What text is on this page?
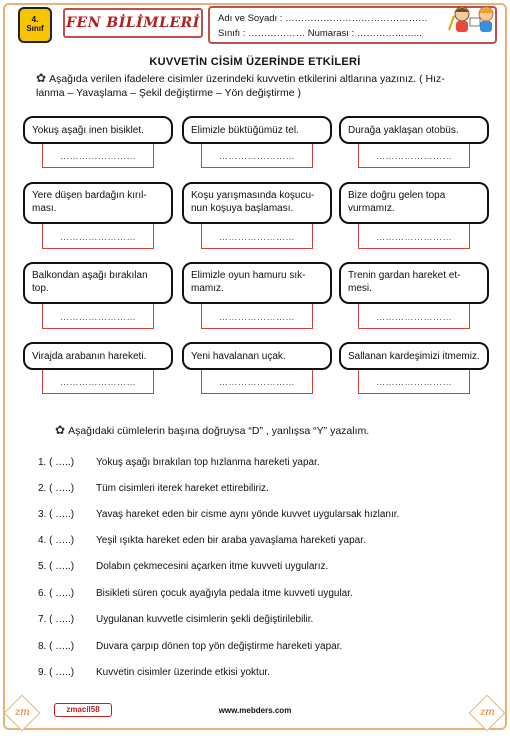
4.
Sınıf FEN BİLİMLERİ Adı ve Soyadı : ………………………………………
Sınıfı : ……………… Numarası : ………………...
KUVVETİN CİSİM ÜZERİNDE ETKİLERİ
✿ Aşağıda verilen ifadelere cisimler üzerindeki kuvvetin etkilerini altlarına yazınız. ( Hız-
lanma – Yavaşlama – Şekil değiştirme – Yön değiştirme )
Yokuş aşağı inen bisiklet.
……………………
Elimizle büktüğümüz tel.
……………………
Durağa yaklaşan otobüs.
……………………
Yere düşen bardağın kırıl-
ması.
……………………
Koşu yarışmasında koşucu-
nun koşuya başlaması.
……………………
Bize doğru gelen topa
vurmamız.
……………………
Balkondan aşağı bırakılan
top.
……………………
Elimizle oyun hamuru sık-
mamız.
……………………
Trenin gardan hareket et-
mesi.
……………………
Virajda arabanın hareketi.
……………………
Yeni havalanan uçak.
……………………
Sallanan kardeşimizi itmemiz.
……………………
✿ Aşağıdaki cümlelerin başına doğruysa “D” , yanlışsa “Y” yazalım.
1. ( …..) Yokuş aşağı bırakılan top hızlanma hareketi yapar.
2. ( …..) Tüm cisimleri iterek hareket ettirebiliriz.
3. ( …..) Yavaş hareket eden bir cisme aynı yönde kuvvet uygularsak hızlanır.
4. ( …..) Yeşil ışıkta hareket eden bir araba yavaşlama hareketi yapar.
5. ( …..) Dolabın çekmecesini açarken itme kuvveti uygularız.
6. ( …..) Bisikleti süren çocuk ayağıyla pedala itme kuvveti uygular.
7. ( …..) Uygulanan kuvvetle cisimlerin şekli değiştirilebilir.
8. ( …..) Duvara çarpıp dönen top yön değiştirme hareketi yapar.
9. ( …..) Kuvvetin cisimler üzerinde etkisi yoktur.
zm	zm
zmacil58	www.mebders.com
